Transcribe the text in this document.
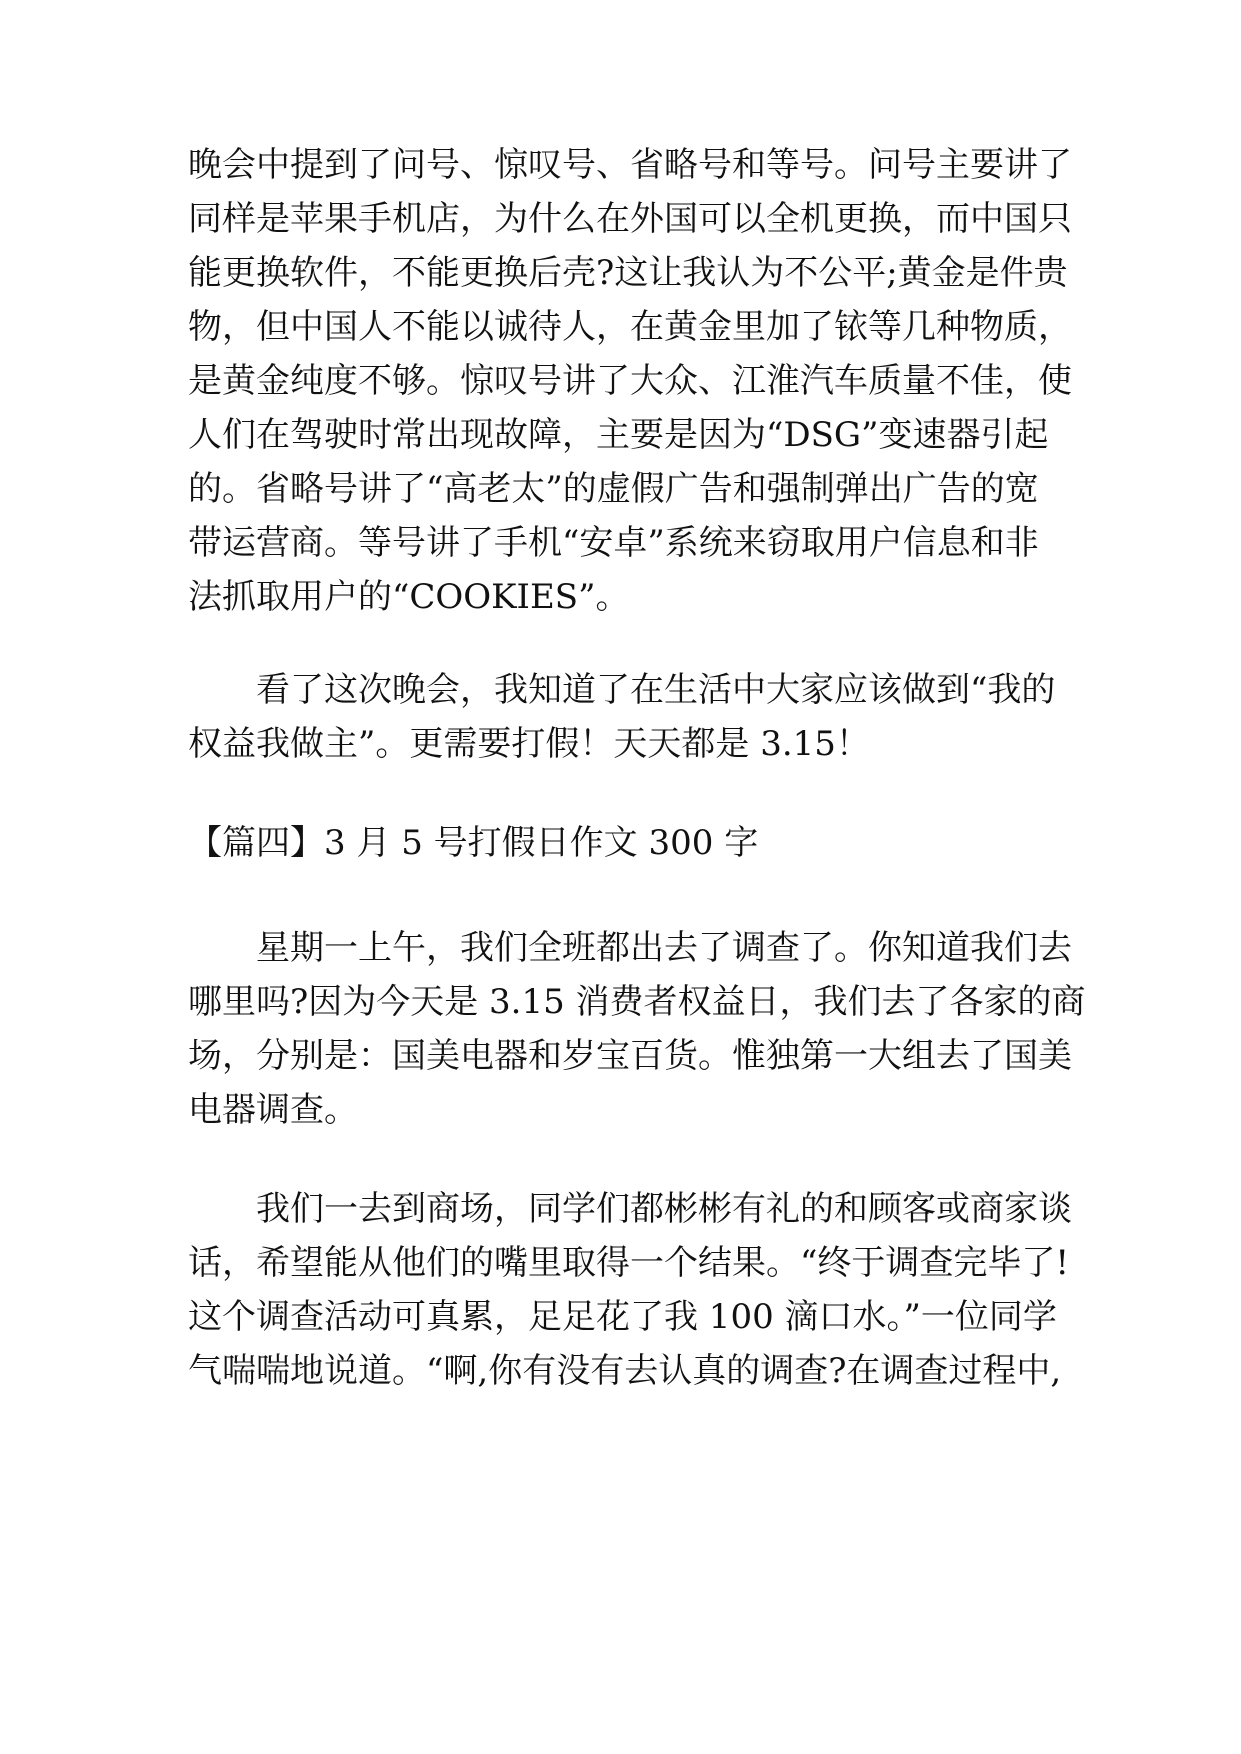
晚会中提到了问号、惊叹号、省略号和等号。问号主要讲了
同样是苹果手机店，为什么在外国可以全机更换，而中国只
能更换软件，不能更换后壳?这让我认为不公平;黄金是件贵
物，但中国人不能以诚待人，在黄金里加了铱等几种物质，
是黄金纯度不够。惊叹号讲了大众、江淮汽车质量不佳，使
人们在驾驶时常出现故障，主要是因为“DSG”变速器引起
的。省略号讲了“高老太”的虚假广告和强制弹出广告的宽
带运营商。等号讲了手机“安卓”系统来窃取用户信息和非
法抓取用户的“COOKIES”。
看了这次晚会，我知道了在生活中大家应该做到“我的
权益我做主”。更需要打假！天天都是 3.15！
【篇四】3 月 5 号打假日作文 300 字
星期一上午，我们全班都出去了调查了。你知道我们去
哪里吗?因为今天是 3.15 消费者权益日，我们去了各家的商
场，分别是：国美电器和岁宝百货。惟独第一大组去了国美
电器调查。
我们一去到商场，同学们都彬彬有礼的和顾客或商家谈
话，希望能从他们的嘴里取得一个结果。“终于调查完毕了!
这个调查活动可真累，足足花了我 100 滴口水。”一位同学
气喘喘地说道。“啊,你有没有去认真的调查?在调查过程中,
